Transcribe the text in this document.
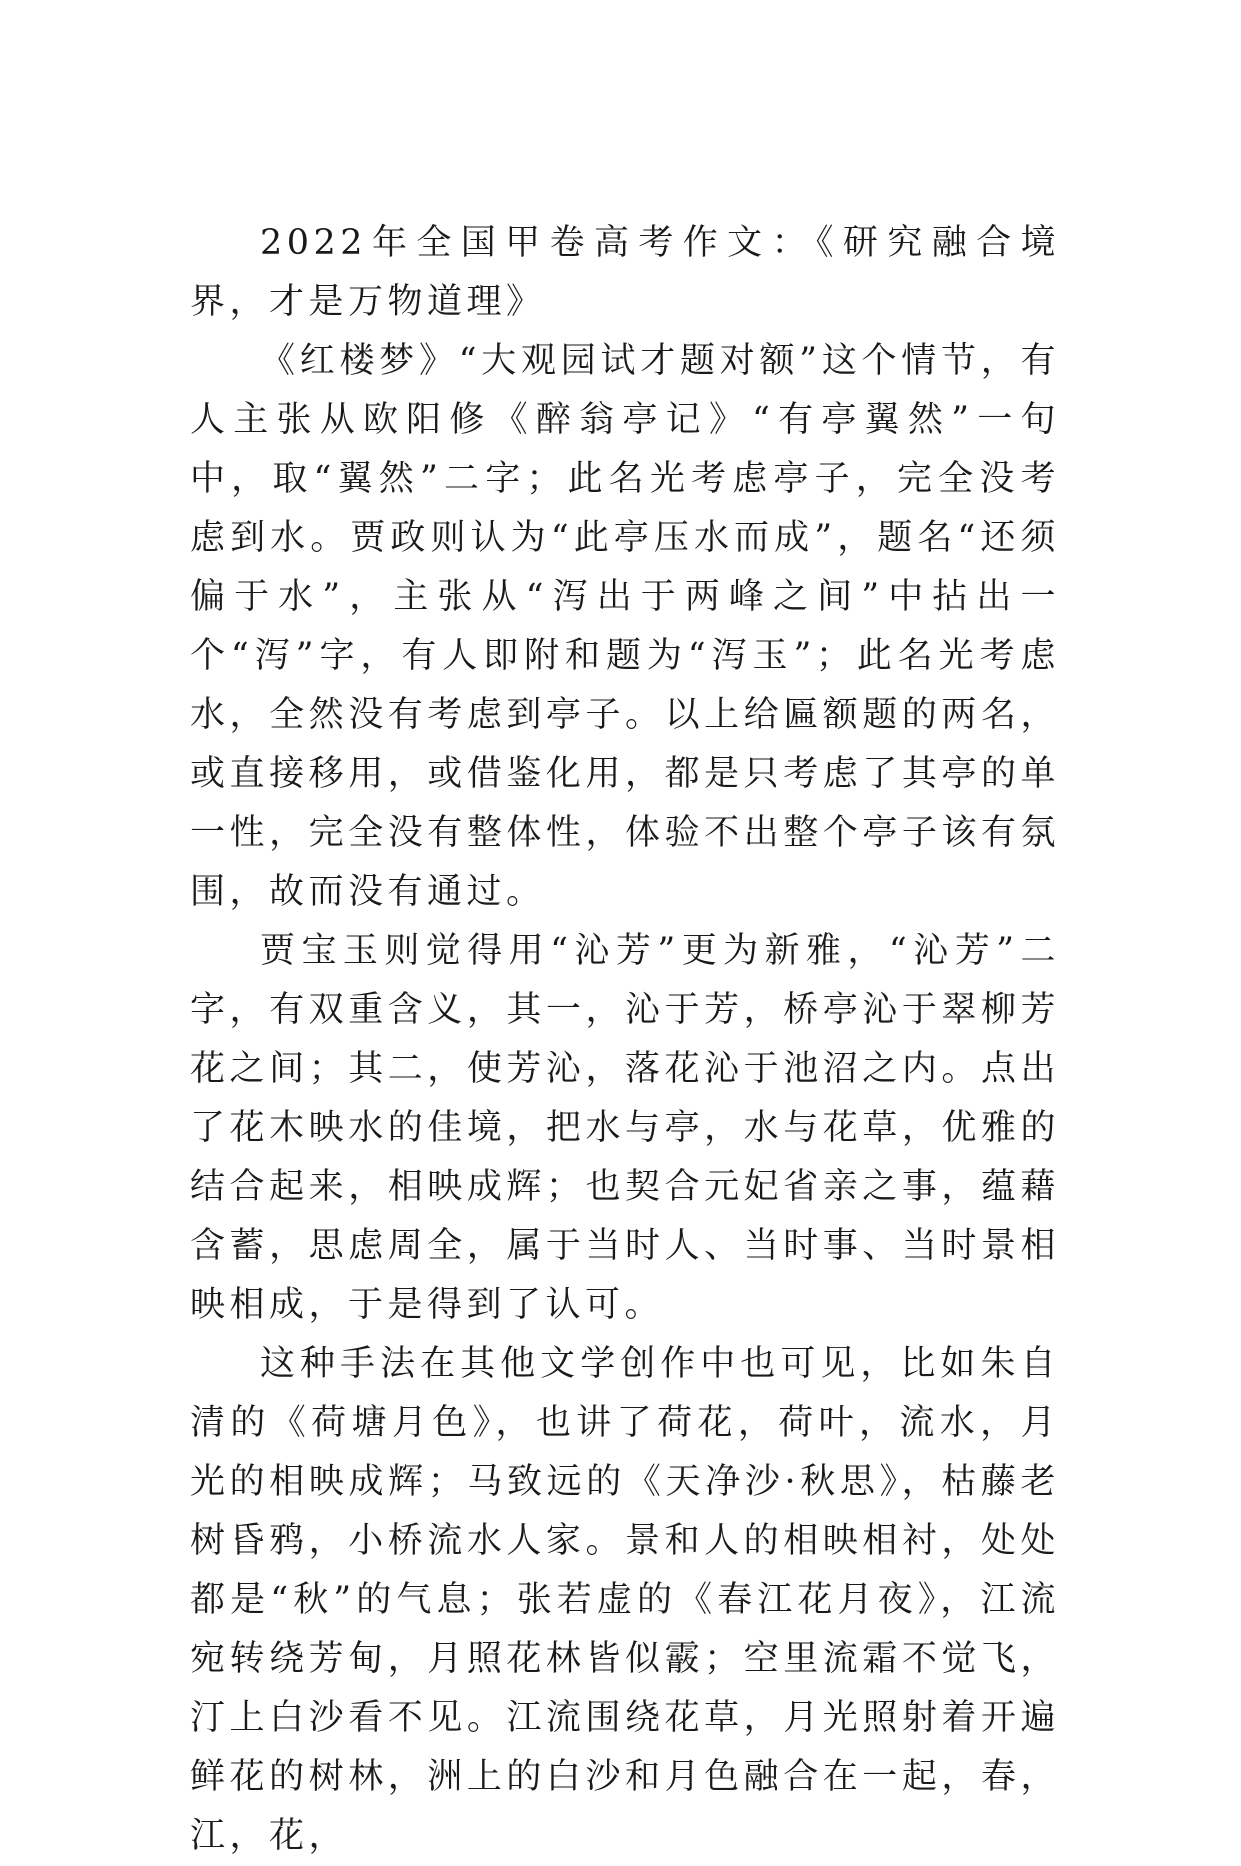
2022年全国甲卷高考作文：《研究融合境界，才是万物道理》

《红楼梦》“大观园试才题对额”这个情节，有人主张从欧阳修《醉翁亭记》“有亭翼然”一句中，取“翼然”二字；此名光考虑亭子，完全没考虑到水。贾政则认为“此亭压水而成”，题名“还须偏于水”，主张从“泻出于两峰之间”中拈出一个“泻”字，有人即附和题为“泻玉”；此名光考虑水，全然没有考虑到亭子。以上给匾额题的两名，或直接移用，或借鉴化用，都是只考虑了其亭的单一性，完全没有整体性，体验不出整个亭子该有氛围，故而没有通过。

贾宝玉则觉得用“沁芳”更为新雅，“沁芳”二字，有双重含义，其一，沁于芳，桥亭沁于翠柳芳花之间；其二，使芳沁，落花沁于池沼之内。点出了花木映水的佳境，把水与亭，水与花草，优雅的结合起来，相映成辉；也契合元妃省亲之事，蕴藉含蓄，思虑周全，属于当时人、当时事、当时景相映相成，于是得到了认可。

这种手法在其他文学创作中也可见，比如朱自清的《荷塘月色》，也讲了荷花，荷叶，流水，月光的相映成辉；马致远的《天净沙·秋思》，枯藤老树昏鸦，小桥流水人家。景和人的相映相衬，处处都是“秋”的气息；张若虚的《春江花月夜》，江流宛转绕芳甸，月照花林皆似霰；空里流霜不觉飞，汀上白沙看不见。江流围绕花草，月光照射着开遍鲜花的树林，洲上的白沙和月色融合在一起，春，江，花，
